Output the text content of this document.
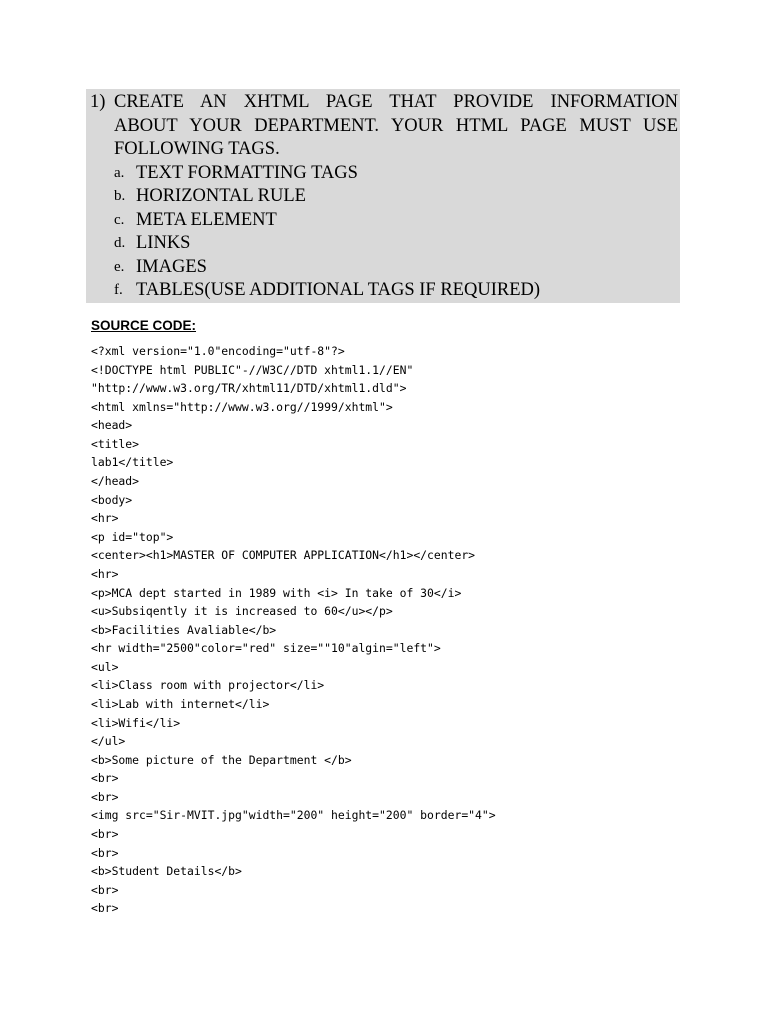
1) CREATE AN XHTML PAGE THAT PROVIDE INFORMATION
ABOUT YOUR DEPARTMENT. YOUR HTML PAGE MUST USE
FOLLOWING TAGS.
a. TEXT FORMATTING TAGS
b. HORIZONTAL RULE
c. META ELEMENT
d. LINKS
e. IMAGES
f. TABLES(USE ADDITIONAL TAGS IF REQUIRED)
SOURCE CODE:
<?xml version="1.0"encoding="utf-8"?>
<!DOCTYPE html PUBLIC"-//W3C//DTD xhtml1.1//EN"
"http://www.w3.org/TR/xhtml11/DTD/xhtml1.dld">
<html xmlns="http://www.w3.org//1999/xhtml">
<head>
<title>
lab1</title>
</head>
<body>
<hr>
<p id="top">
<center><h1>MASTER OF COMPUTER APPLICATION</h1></center>
<hr>
<p>MCA dept started in 1989 with <i> In take of 30</i>
<u>Subsiqently it is increased to 60</u></p>
<b>Facilities Avaliable</b>
<hr width="2500"color="red" size=""10"algin="left">
<ul>
<li>Class room with projector</li>
<li>Lab with internet</li>
<li>Wifi</li>
</ul>
<b>Some picture of the Department </b>
<br>
<br>
<img src="Sir-MVIT.jpg"width="200" height="200" border="4">
<br>
<br>
<b>Student Details</b>
<br>
<br>
